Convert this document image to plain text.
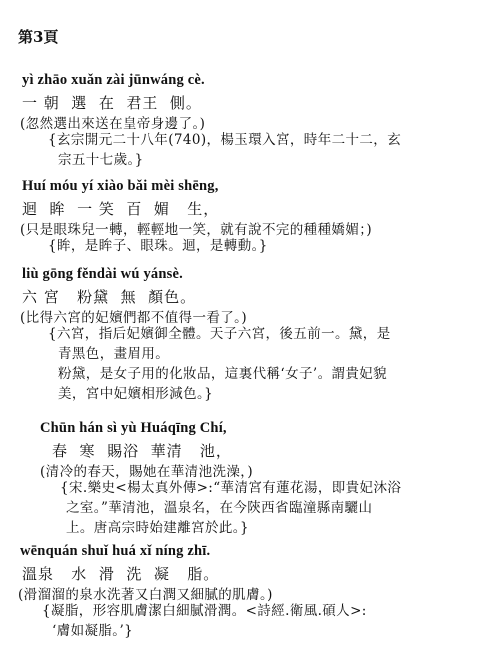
第3頁
yì zhāo xuǎn zài jūnwáng cè.
一 朝  選  在  君王  側。
(忽然選出來送在皇帝身邊了。)
{玄宗開元二十八年(740)，楊玉環入宮，時年二十二，玄
宗五十七歲。}
Huí móu yí xiào bǎi mèi shēng,
迴  眸  一 笑  百  媚   生，
(只是眼珠兒一轉，輕輕地一笑，就有說不完的種種嬌媚；)
{眸，是眸子、眼珠。迴，是轉動。}
liù gōng fěndài wú yánsè.
六 宮   粉黛  無  顏色。
(比得六宮的妃嬪們都不值得一看了。)
{六宮，指后妃嬪御全體。天子六宮，後五前一。黛，是
青黑色，畫眉用。
粉黛，是女子用的化妝品，這裏代稱‘女子’。謂貴妃貌
美，宮中妃嬪相形減色。}
Chūn hán sì yù Huáqīng Chí,
春  寒  賜浴  華清   池，
(清冷的春天，賜她在華清池洗澡，)
{宋.樂史<楊太真外傳>:“華清宮有蓮花湯，即貴妃沐浴
之室。”華清池，溫泉名，在今陝西省臨潼縣南驪山
上。唐高宗時始建離宮於此。}
wēnquán shuǐ huá xǐ níng zhī.
溫泉   水  滑  洗  凝   脂。
(滑溜溜的泉水洗著又白潤又細膩的肌膚。)
{凝脂，形容肌膚潔白細膩滑潤。<詩經.衛風.碩人>:
‘膚如凝脂。’}
